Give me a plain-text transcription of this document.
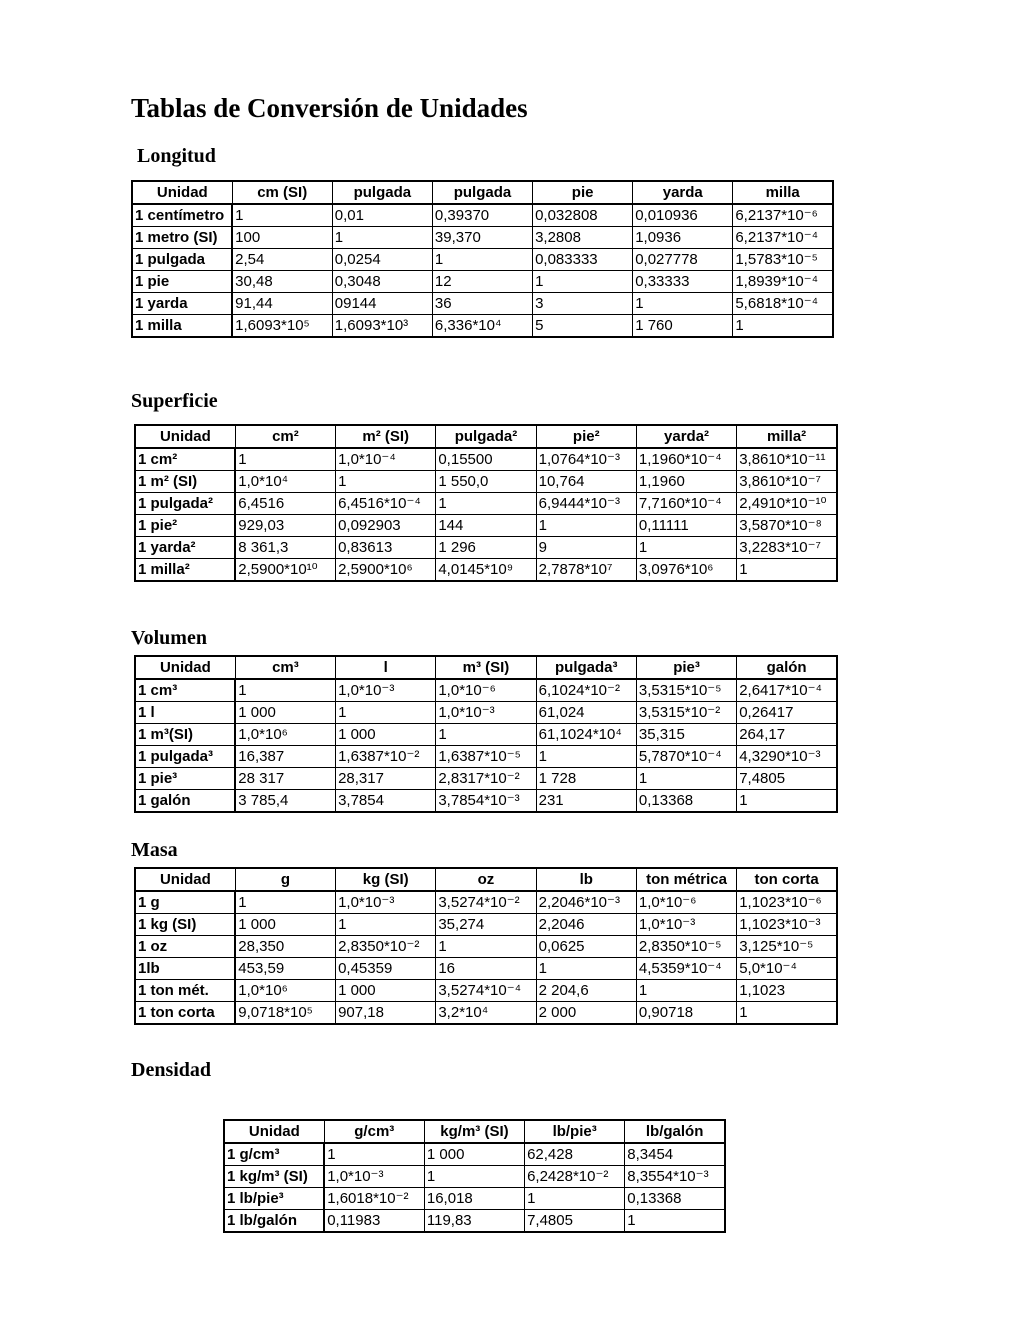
Tablas de Conversión de Unidades
Longitud
Unidad	cm (SI)	pulgada	pulgada	pie	yarda	milla
1 centímetro	1	0,01	0,39370	0,032808	0,010936	6,2137*10⁻⁶
1 metro (SI)	100	1	39,370	3,2808	1,0936	6,2137*10⁻⁴
1 pulgada	2,54	0,0254	1	0,083333	0,027778	1,5783*10⁻⁵
1 pie	30,48	0,3048	12	1	0,33333	1,8939*10⁻⁴
1 yarda	91,44	09144	36	3	1	5,6818*10⁻⁴
1 milla	1,6093*10⁵	1,6093*10³	6,336*10⁴	5	1 760	1
Superficie
Unidad	cm²	m² (SI)	pulgada²	pie²	yarda²	milla²
1 cm²	1	1,0*10⁻⁴	0,15500	1,0764*10⁻³	1,1960*10⁻⁴	3,8610*10⁻¹¹
1 m² (SI)	1,0*10⁴	1	1 550,0	10,764	1,1960	3,8610*10⁻⁷
1 pulgada²	6,4516	6,4516*10⁻⁴	1	6,9444*10⁻³	7,7160*10⁻⁴	2,4910*10⁻¹⁰
1 pie²	929,03	0,092903	144	1	0,11111	3,5870*10⁻⁸
1 yarda²	8 361,3	0,83613	1 296	9	1	3,2283*10⁻⁷
1 milla²	2,5900*10¹⁰	2,5900*10⁶	4,0145*10⁹	2,7878*10⁷	3,0976*10⁶	1
Volumen
Unidad	cm³	l	m³ (SI)	pulgada³	pie³	galón
1 cm³	1	1,0*10⁻³	1,0*10⁻⁶	6,1024*10⁻²	3,5315*10⁻⁵	2,6417*10⁻⁴
1 l	1 000	1	1,0*10⁻³	61,024	3,5315*10⁻²	0,26417
1 m³(SI)	1,0*10⁶	1 000	1	61,1024*10⁴	35,315	264,17
1 pulgada³	16,387	1,6387*10⁻²	1,6387*10⁻⁵	1	5,7870*10⁻⁴	4,3290*10⁻³
1 pie³	28 317	28,317	2,8317*10⁻²	1 728	1	7,4805
1 galón	3 785,4	3,7854	3,7854*10⁻³	231	0,13368	1
Masa
Unidad	g	kg (SI)	oz	lb	ton métrica	ton corta
1 g	1	1,0*10⁻³	3,5274*10⁻²	2,2046*10⁻³	1,0*10⁻⁶	1,1023*10⁻⁶
1 kg (SI)	1 000	1	35,274	2,2046	1,0*10⁻³	1,1023*10⁻³
1 oz	28,350	2,8350*10⁻²	1	0,0625	2,8350*10⁻⁵	3,125*10⁻⁵
1lb	453,59	0,45359	16	1	4,5359*10⁻⁴	5,0*10⁻⁴
1 ton mét.	1,0*10⁶	1 000	3,5274*10⁻⁴	2 204,6	1	1,1023
1 ton corta	9,0718*10⁵	907,18	3,2*10⁴	2 000	0,90718	1
Densidad
Unidad	g/cm³	kg/m³ (SI)	lb/pie³	lb/galón
1 g/cm³	1	1 000	62,428	8,3454
1 kg/m³ (SI)	1,0*10⁻³	1	6,2428*10⁻²	8,3554*10⁻³
1 lb/pie³	1,6018*10⁻²	16,018	1	0,13368
1 lb/galón	0,11983	119,83	7,4805	1
